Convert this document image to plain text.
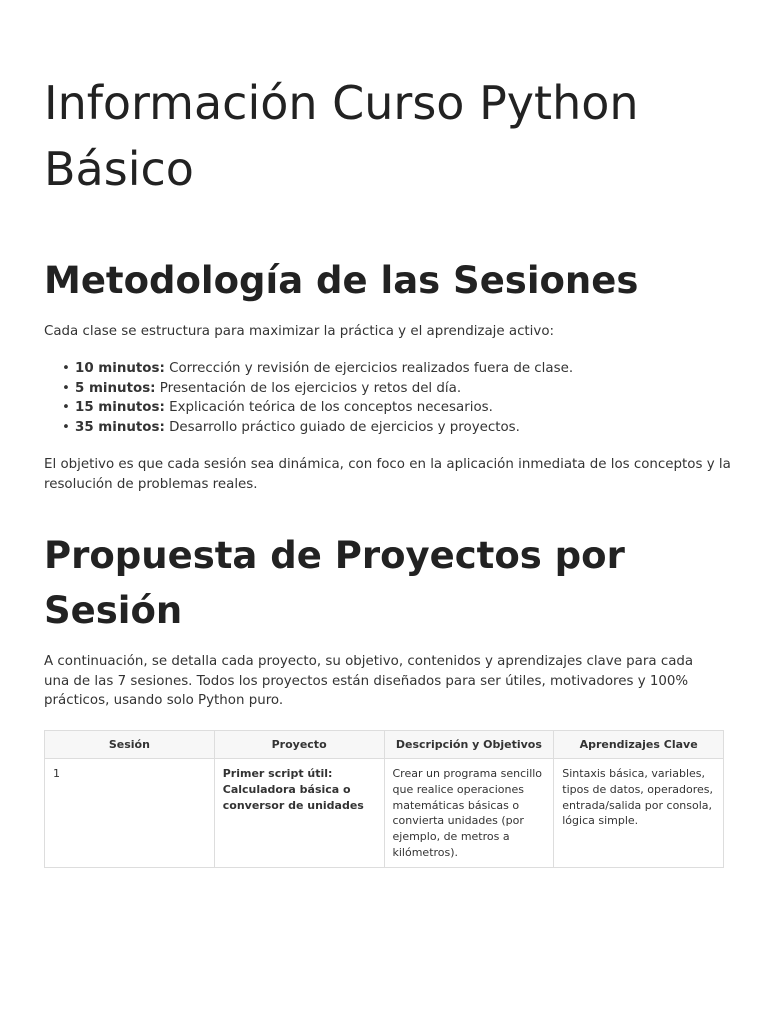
Información Curso Python Básico
Metodología de las Sesiones

Cada clase se estructura para maximizar la práctica y el aprendizaje activo:

• 10 minutos: Corrección y revisión de ejercicios realizados fuera de clase.
• 5 minutos: Presentación de los ejercicios y retos del día.
• 15 minutos: Explicación teórica de los conceptos necesarios.
• 35 minutos: Desarrollo práctico guiado de ejercicios y proyectos.

El objetivo es que cada sesión sea dinámica, con foco en la aplicación inmediata de los conceptos y la resolución de problemas reales.

Propuesta de Proyectos por Sesión

A continuación, se detalla cada proyecto, su objetivo, contenidos y aprendizajes clave para cada una de las 7 sesiones. Todos los proyectos están diseñados para ser útiles, motivadores y 100% prácticos, usando solo Python puro.

Sesión	Proyecto	Descripción y Objetivos	Aprendizajes Clave
1	Primer script útil: Calculadora básica o conversor de unidades	Crear un programa sencillo que realice operaciones matemáticas básicas o convierta unidades (por ejemplo, de metros a kilómetros).	Sintaxis básica, variables, tipos de datos, operadores, entrada/salida por consola, lógica simple.
